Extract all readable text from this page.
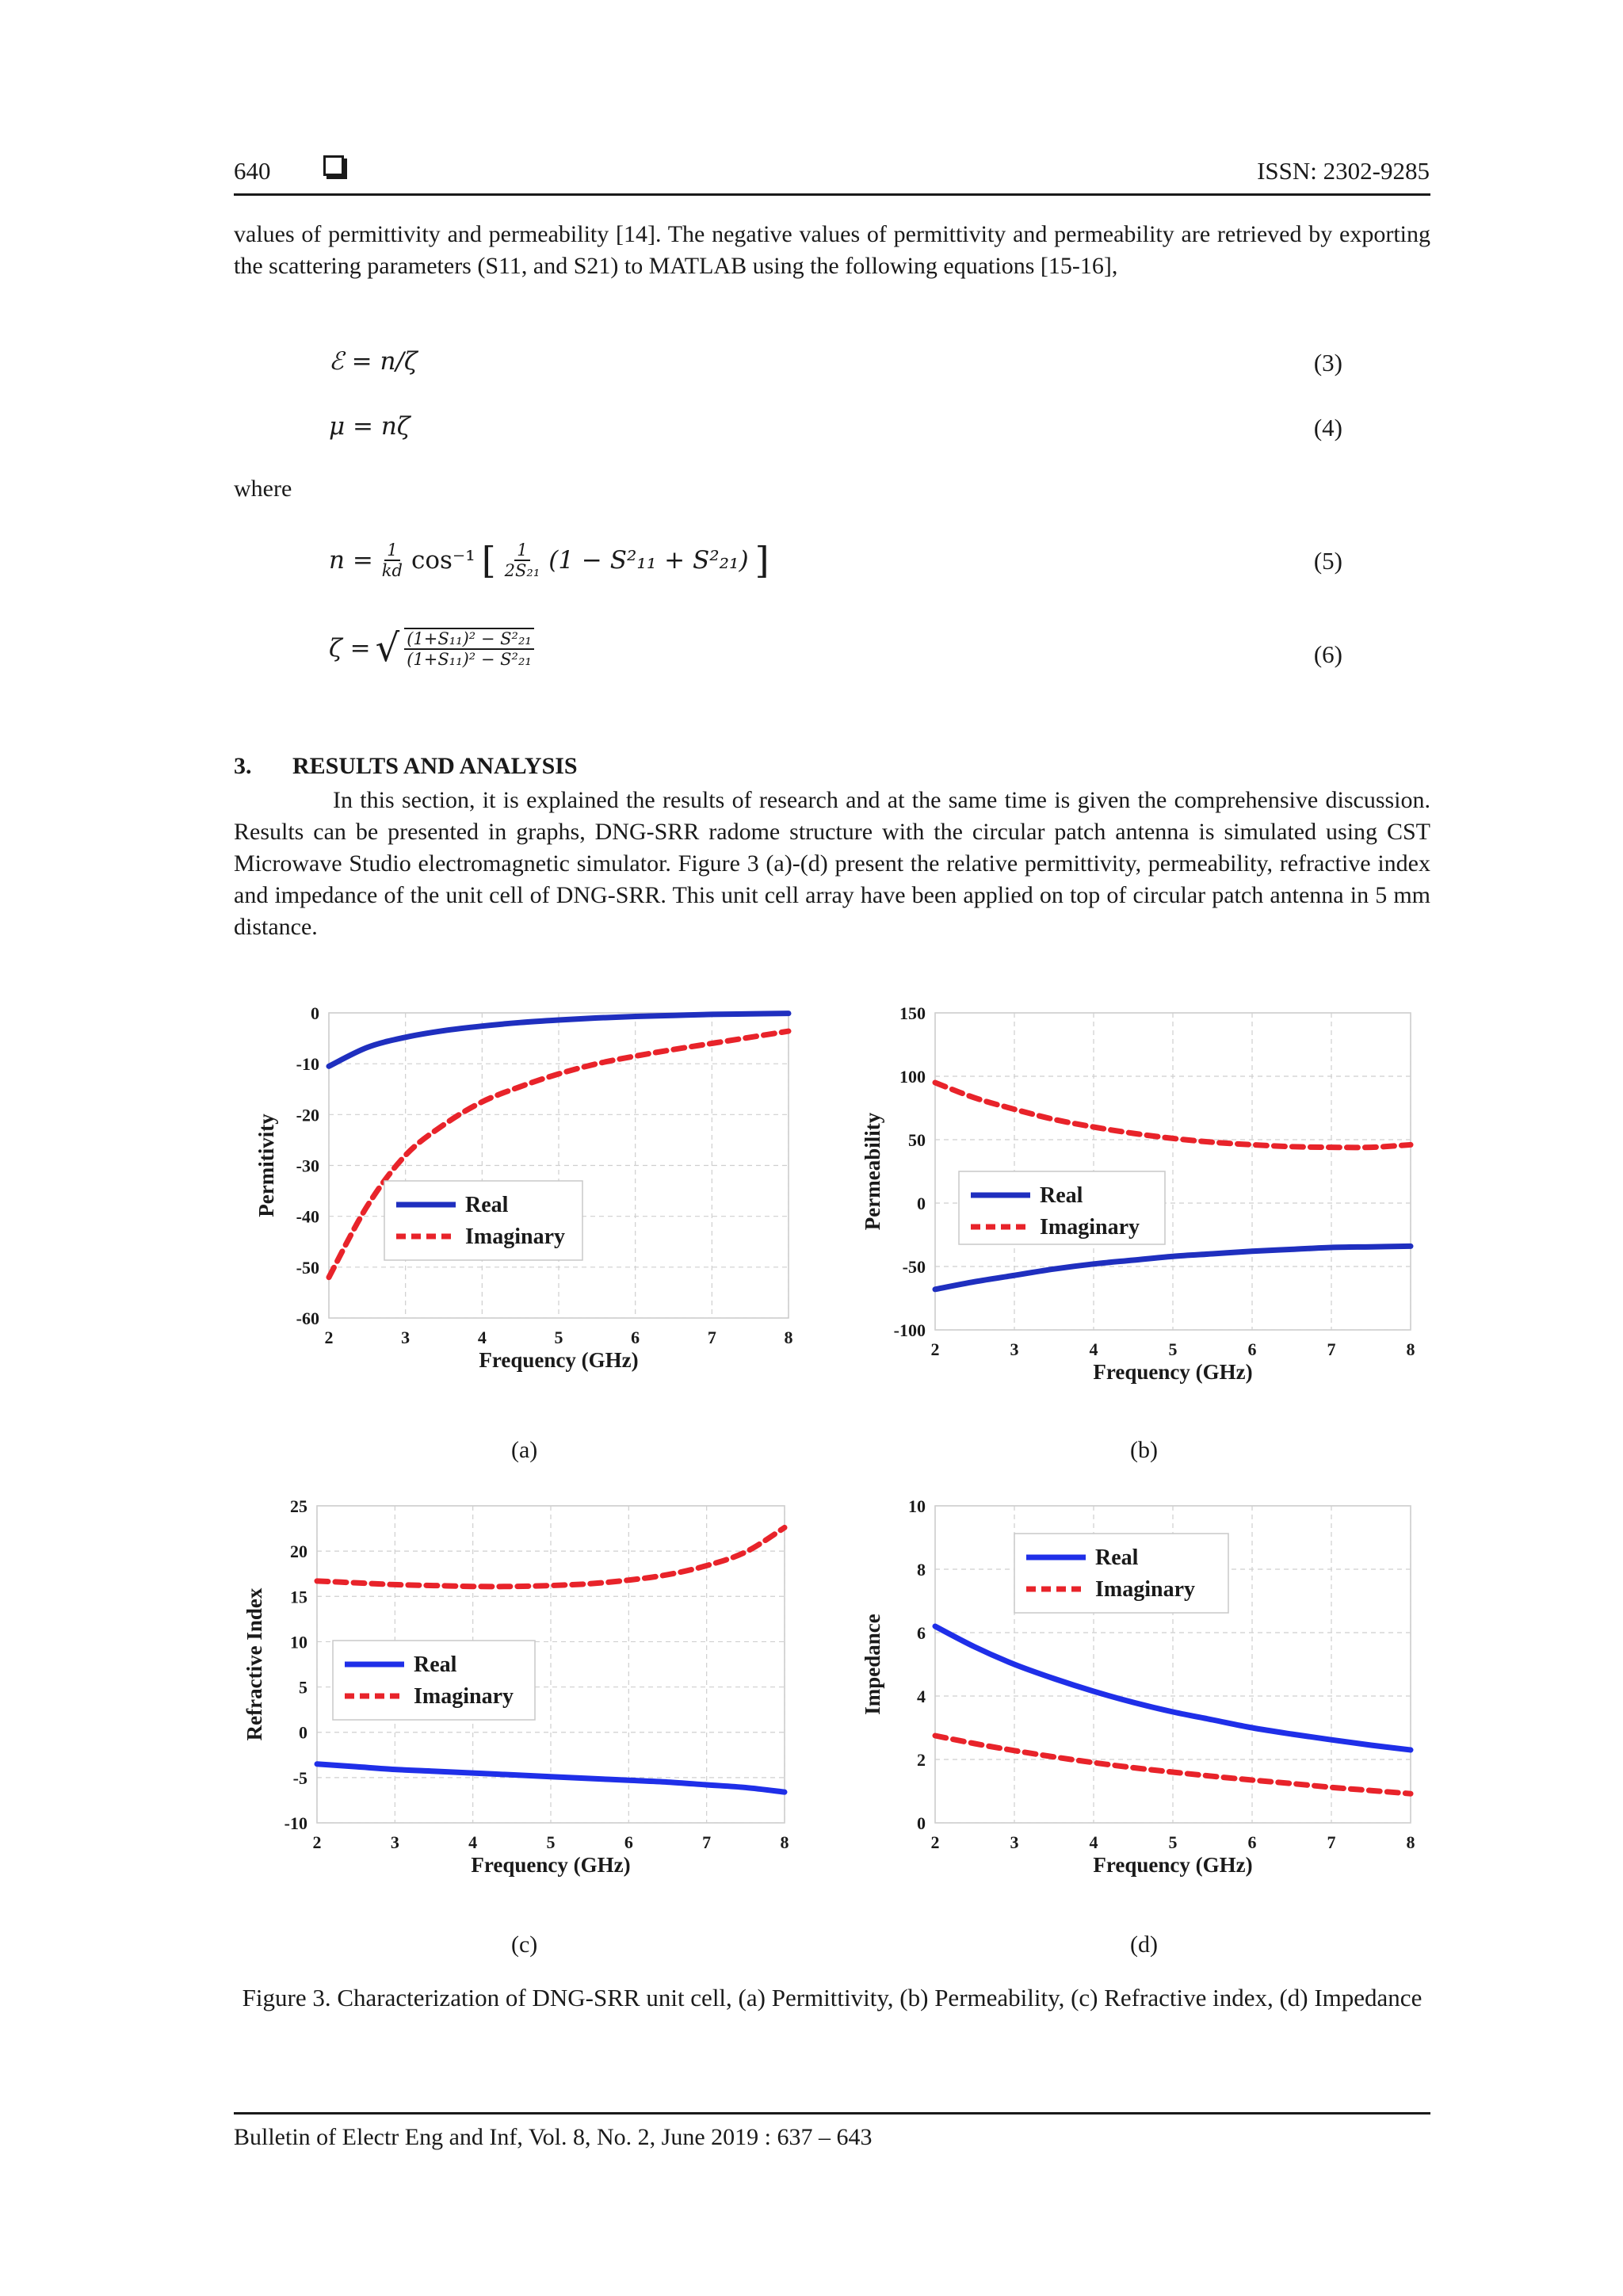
640	ISSN: 2302-9285

values of permittivity and permeability [14]. The negative values of permittivity and permeability are retrieved by exporting the scattering parameters (S11, and S21) to MATLAB using the following equations [15-16],

ℰ = n/ζ	(3)
μ = nζ	(4)
where
$n = \frac{1}{kd} \cos^{-1}$ [ $\frac{1}{\text{2S₂₁}} (1 - S^2_{11} + S^2_{21})$ ]	(5)
ζ = √ $\frac{\text{(1+S₁₁)² − S²₂₁}}{\text{(1+S₁₁)² − S²₂₁}}$	(6)
3. RESULTS AND ANALYSIS

In this section, it is explained the results of research and at the same time is given the comprehensive discussion. Results can be presented in graphs, DNG-SRR radome structure with the circular patch antenna is simulated using CST Microwave Studio electromagnetic simulator. Figure 3 (a)-(d) present the relative permittivity, permeability, refractive index and impedance of the unit cell of DNG-SRR. This unit cell array have been applied on top of circular patch antenna in 5 mm distance.

2	3	4	5	6	7	8
0
-10
-20
-30
-40
-50
-60
Frequency (GHz)
Permitivity	Real
Imaginary
2	3	4	5	6	7	8
150
100
50
0
-50
-100
Frequency (GHz)
Permeability	Real
Imaginary
2	3	4	5	6	7	8
25
20
15
10
5
0
-5
-10
Frequency (GHz)
Refractive Index	Real
Imaginary
2	3	4	5	6	7	8
10
8
6
4
2
0
Frequency (GHz)
Impedance
Real
Imaginary
(a)	(b)
(c)	(d)
Figure 3. Characterization of DNG-SRR unit cell, (a) Permittivity, (b) Permeability, (c) Refractive index, (d) Impedance
Bulletin of Electr Eng and Inf, Vol. 8, No. 2, June 2019 : 637 – 643
